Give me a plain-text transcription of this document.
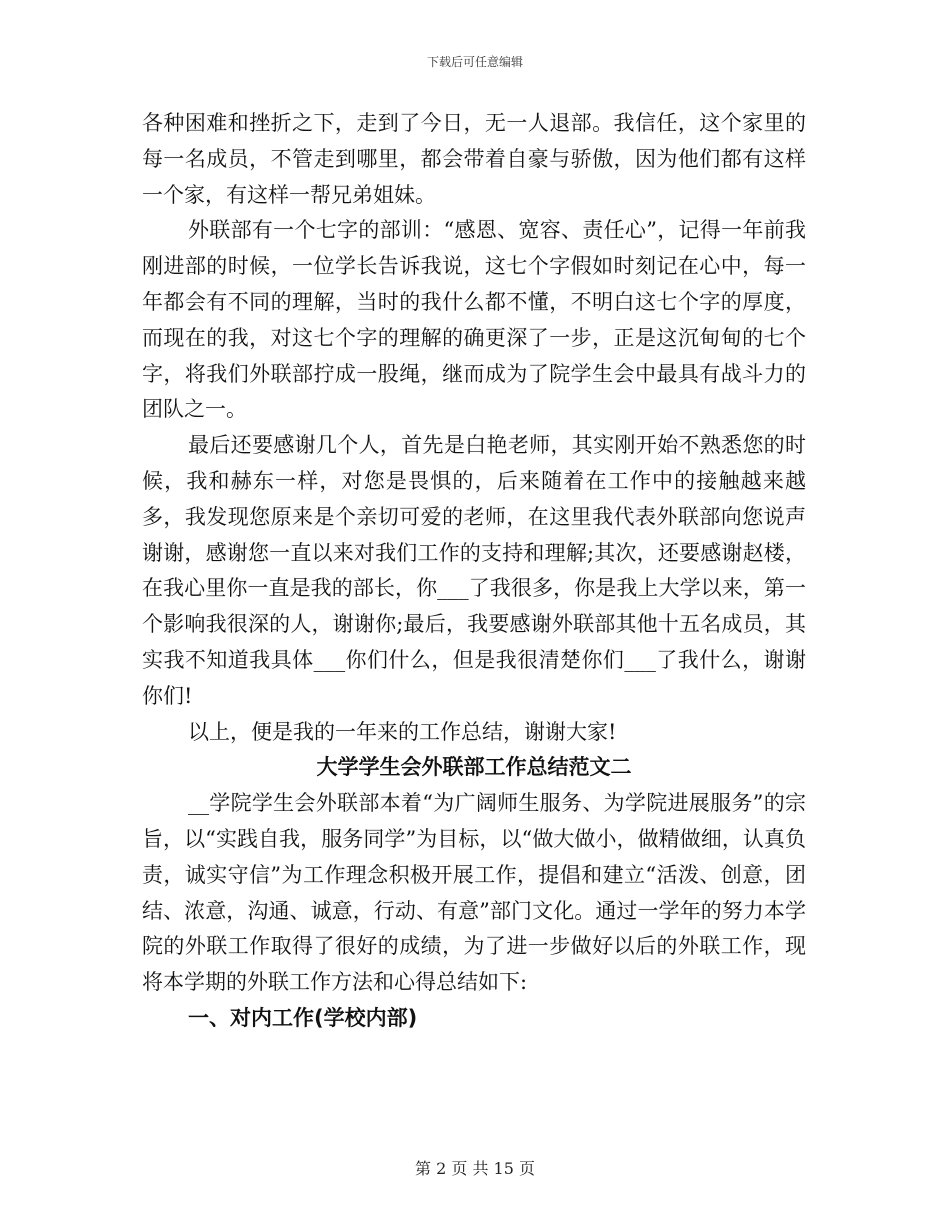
下载后可任意编辑

各种困难和挫折之下，走到了今日，无一人退部。我信任，这个家里的每一名成员，不管走到哪里，都会带着自豪与骄傲，因为他们都有这样一个家，有这样一帮兄弟姐妹。

外联部有一个七字的部训：“感恩、宽容、责任心”，记得一年前我刚进部的时候，一位学长告诉我说，这七个字假如时刻记在心中，每一年都会有不同的理解，当时的我什么都不懂，不明白这七个字的厚度，而现在的我，对这七个字的理解的确更深了一步，正是这沉甸甸的七个字，将我们外联部拧成一股绳，继而成为了院学生会中最具有战斗力的团队之一。

最后还要感谢几个人，首先是白艳老师，其实刚开始不熟悉您的时候，我和赫东一样，对您是畏惧的，后来随着在工作中的接触越来越多，我发现您原来是个亲切可爱的老师，在这里我代表外联部向您说声谢谢，感谢您一直以来对我们工作的支持和理解;其次，还要感谢赵楼，在我心里你一直是我的部长，你___了我很多，你是我上大学以来，第一个影响我很深的人，谢谢你;最后，我要感谢外联部其他十五名成员，其实我不知道我具体___你们什么，但是我很清楚你们___了我什么，谢谢你们!

以上，便是我的一年来的工作总结，谢谢大家!

大学学生会外联部工作总结范文二

__学院学生会外联部本着“为广阔师生服务、为学院进展服务”的宗旨，以“实践自我，服务同学”为目标，以“做大做小，做精做细，认真负责，诚实守信”为工作理念积极开展工作，提倡和建立“活泼、创意，团结、浓意，沟通、诚意，行动、有意”部门文化。通过一学年的努力本学院的外联工作取得了很好的成绩，为了进一步做好以后的外联工作，现将本学期的外联工作方法和心得总结如下:

一、对内工作(学校内部)
第 2 页 共 15 页
